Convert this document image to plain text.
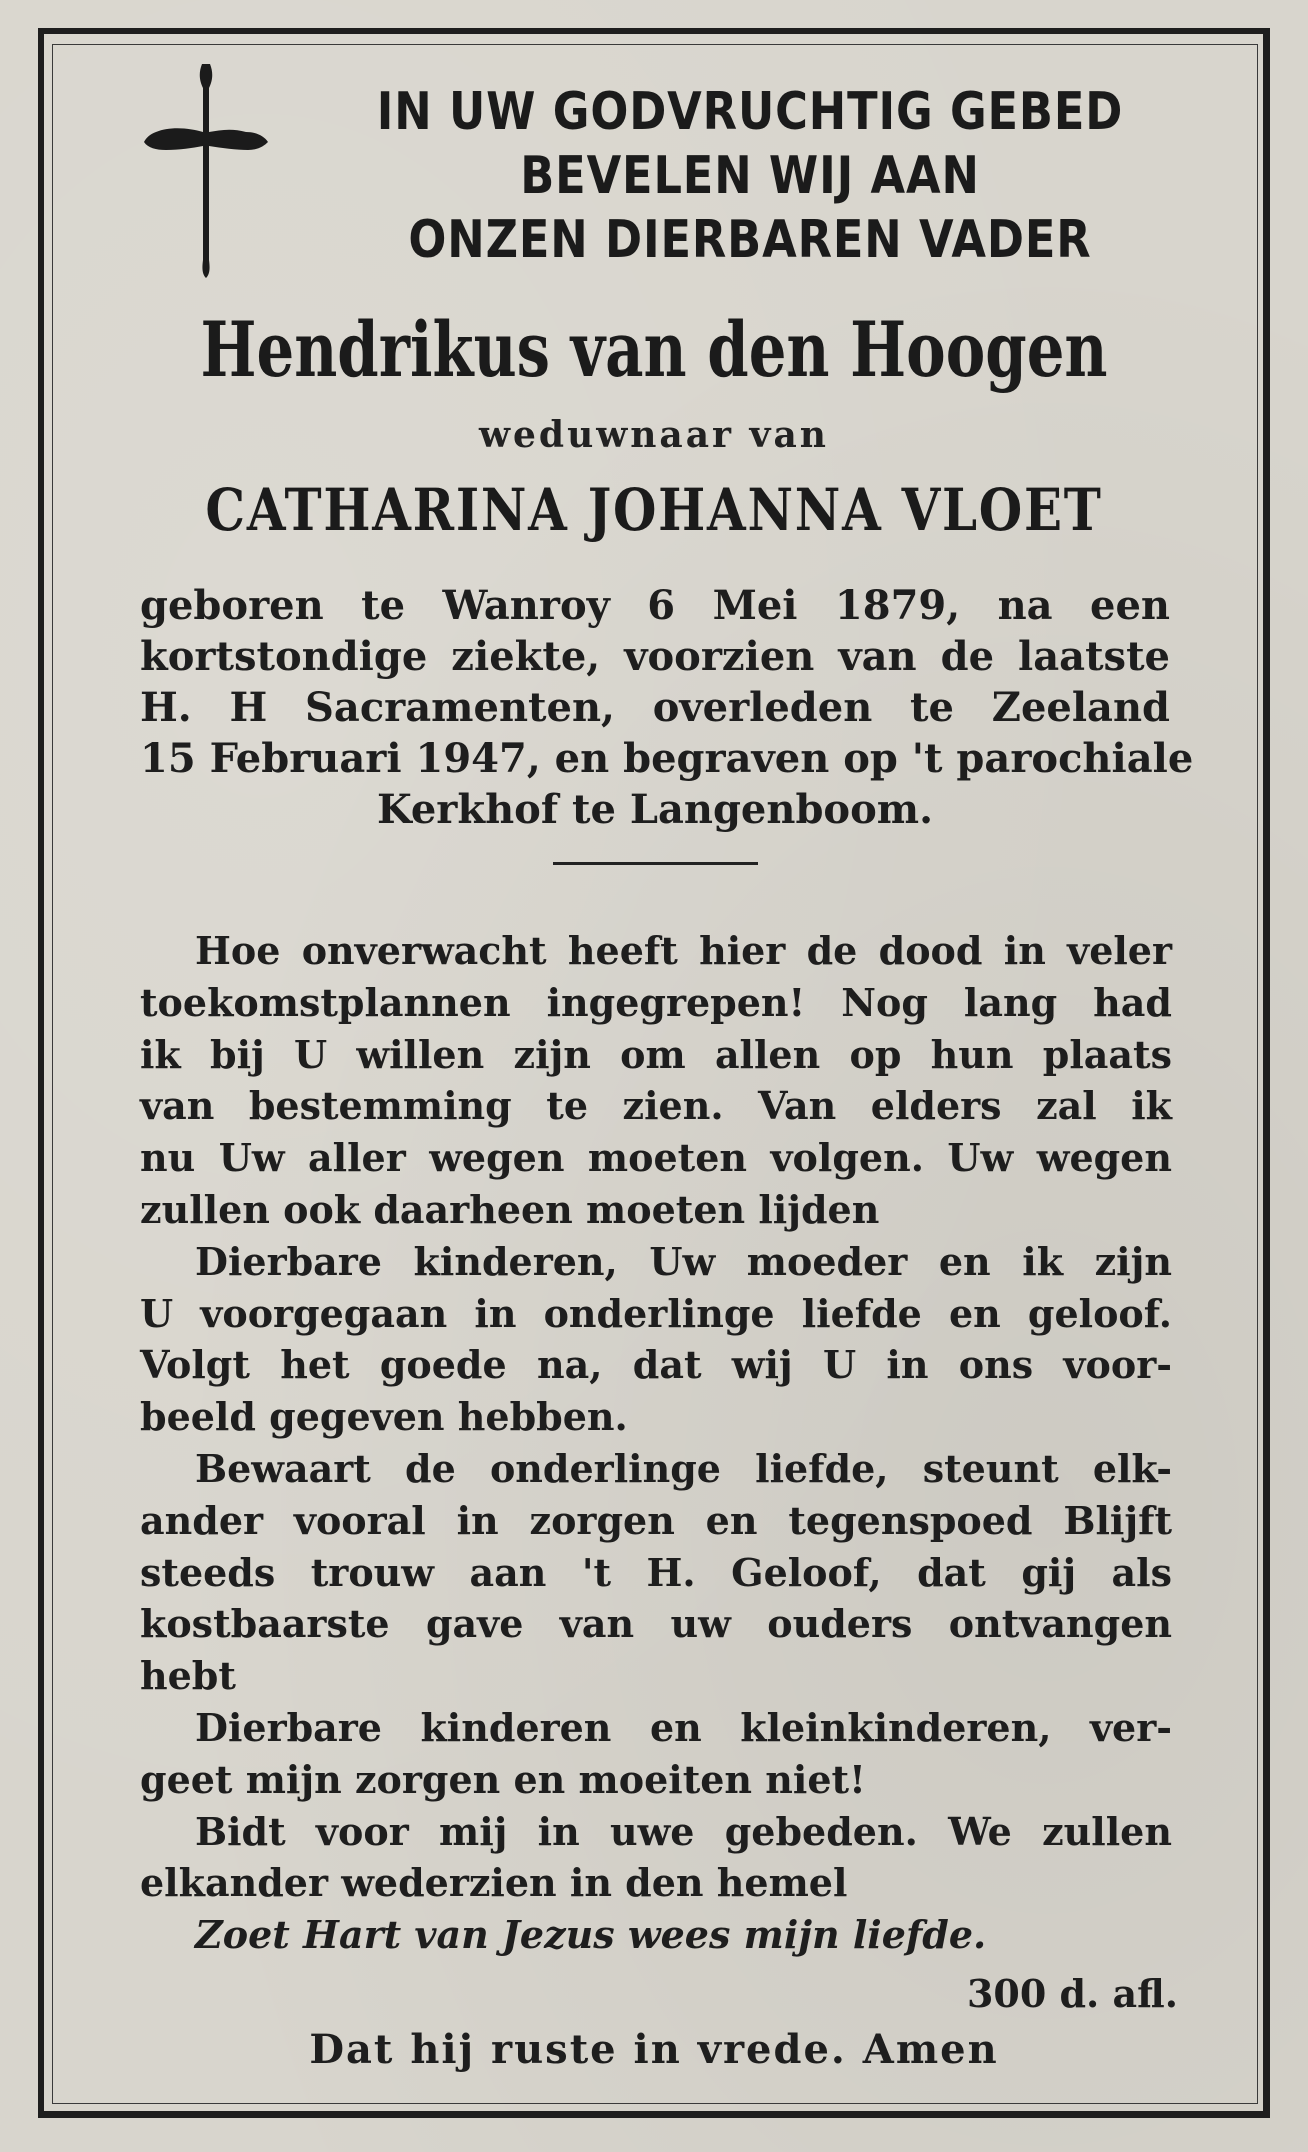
IN UW GODVRUCHTIG GEBED
BEVELEN WIJ AAN
ONZEN DIERBAREN VADER
Hendrikus van den Hoogen
weduwnaar van
CATHARINA JOHANNA VLOET
geboren te Wanroy 6 Mei 1879, na een
kortstondige ziekte, voorzien van de laatste
H. H Sacramenten, overleden te Zeeland
15 Februari 1947, en begraven op 't parochiale
Kerkhof te Langenboom.
Hoe onverwacht heeft hier de dood in veler
toekomstplannen ingegrepen! Nog lang had
ik bij U willen zijn om allen op hun plaats
van bestemming te zien. Van elders zal ik
nu Uw aller wegen moeten volgen. Uw wegen
zullen ook daarheen moeten lijden
Dierbare kinderen, Uw moeder en ik zijn
U voorgegaan in onderlinge liefde en geloof.
Volgt het goede na, dat wij U in ons voor-
beeld gegeven hebben.
Bewaart de onderlinge liefde, steunt elk-
ander vooral in zorgen en tegenspoed Blijft
steeds trouw aan 't H. Geloof, dat gij als
kostbaarste gave van uw ouders ontvangen
hebt
Dierbare kinderen en kleinkinderen, ver-
geet mijn zorgen en moeiten niet!
Bidt voor mij in uwe gebeden. We zullen
elkander wederzien in den hemel
Zoet Hart van Jezus wees mijn liefde.
300 d. afl.
Dat hij ruste in vrede. Amen
